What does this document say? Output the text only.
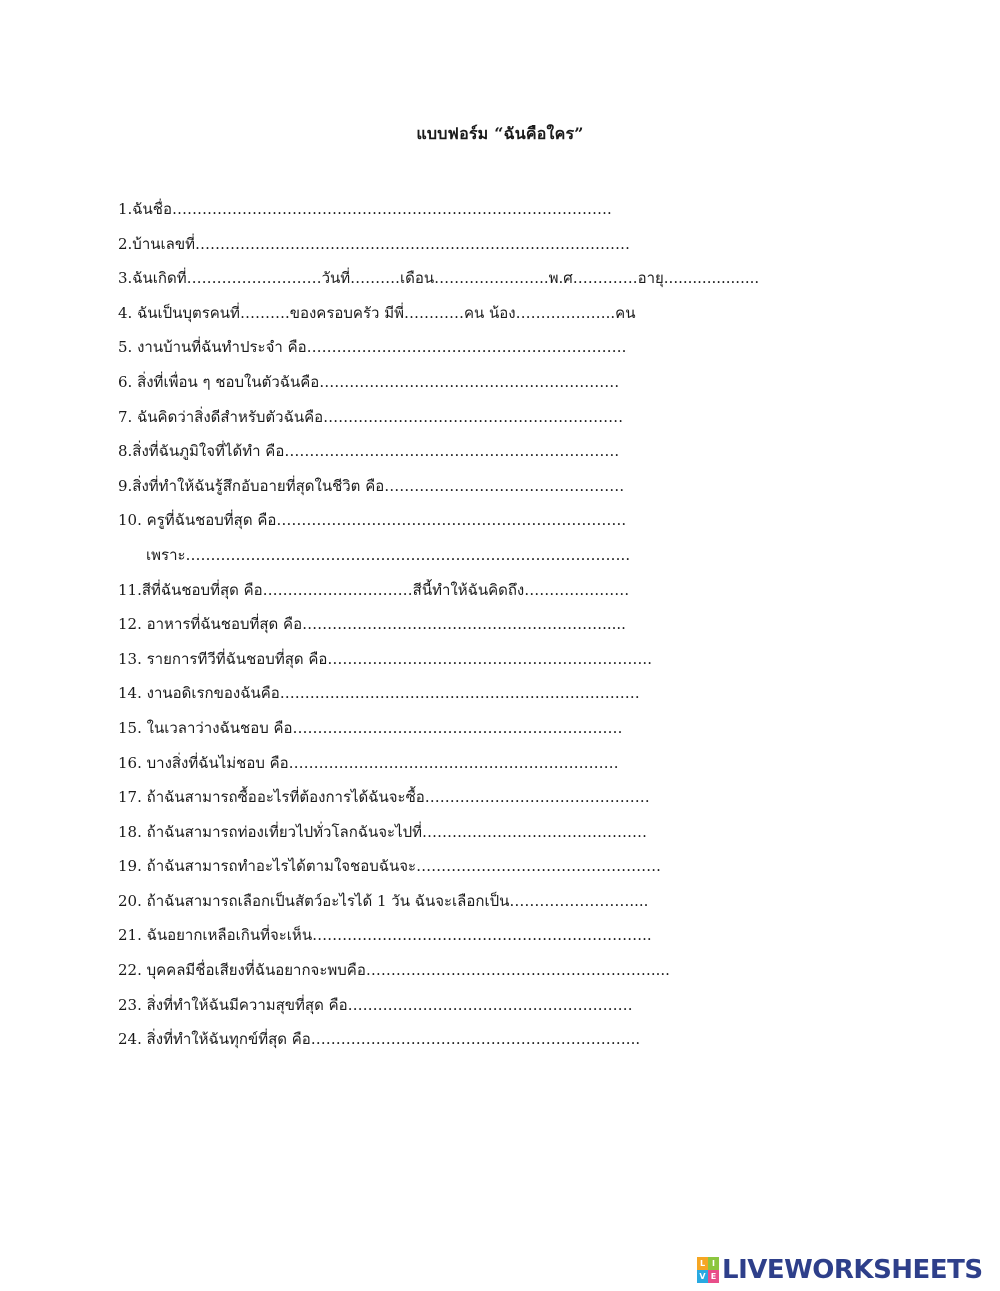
แบบฟอร์ม “ฉันคือใคร”
1.ฉันชื่อ…………………………………………………………………………….
2.บ้านเลขที่……………………………………………………………………………
3.ฉันเกิดที่………………………วันที่……….เดือน…………………..พ.ศ………….อายุ....................
4. ฉันเป็นบุตรคนที่……….ของครอบครัว มีพี่…………คน น้อง………………..คน
5. งานบ้านที่ฉันทำประจำ คือ……………………………………………………….
6. สิ่งที่เพื่อน ๆ ชอบในตัวฉันคือ……………………………………………………
7. ฉันคิดว่าสิ่งดีสำหรับตัวฉันคือ……………………………………………………
8.สิ่งที่ฉันภูมิใจที่ได้ทำ คือ………………………………………………………….
9.สิ่งที่ทำให้ฉันรู้สึกอับอายที่สุดในชีวิต คือ…………………………………………
10. ครูที่ฉันชอบที่สุด คือ…………………………………………………………….
เพราะ……………………………………………………………………………..
11.สีที่ฉันชอบที่สุด คือ…………………………สีนี้ทำให้ฉันคิดถึง…………………
12. อาหารที่ฉันชอบที่สุด คือ…………………………………………………….....
13. รายการทีวีที่ฉันชอบที่สุด คือ………………………………………………………..
14. งานอดิเรกของฉันคือ………………………………………………………………
15. ในเวลาว่างฉันชอบ คือ…………………………………………………………
16. บางสิ่งที่ฉันไม่ชอบ คือ…………………………………………………………
17. ถ้าฉันสามารถซื้ออะไรที่ต้องการได้ฉันจะซื้อ………………………………………
18. ถ้าฉันสามารถท่องเที่ยวไปทั่วโลกฉันจะไปที่………………………………………
19. ถ้าฉันสามารถทำอะไรได้ตามใจชอบฉันจะ………………………………………….
20. ถ้าฉันสามารถเลือกเป็นสัตว์อะไรได้ 1 วัน ฉันจะเลือกเป็น……………………....
21. ฉันอยากเหลือเกินที่จะเห็น…………………………………………………………..
22. บุคคลมีชื่อเสียงที่ฉันอยากจะพบคือ…………………………………………………....
23. สิ่งที่ทำให้ฉันมีความสุขที่สุด คือ…………………………………………………
24. สิ่งที่ทำให้ฉันทุกข์ที่สุด คือ………………………………………………………...
L I
V E LIVEWORKSHEETS
